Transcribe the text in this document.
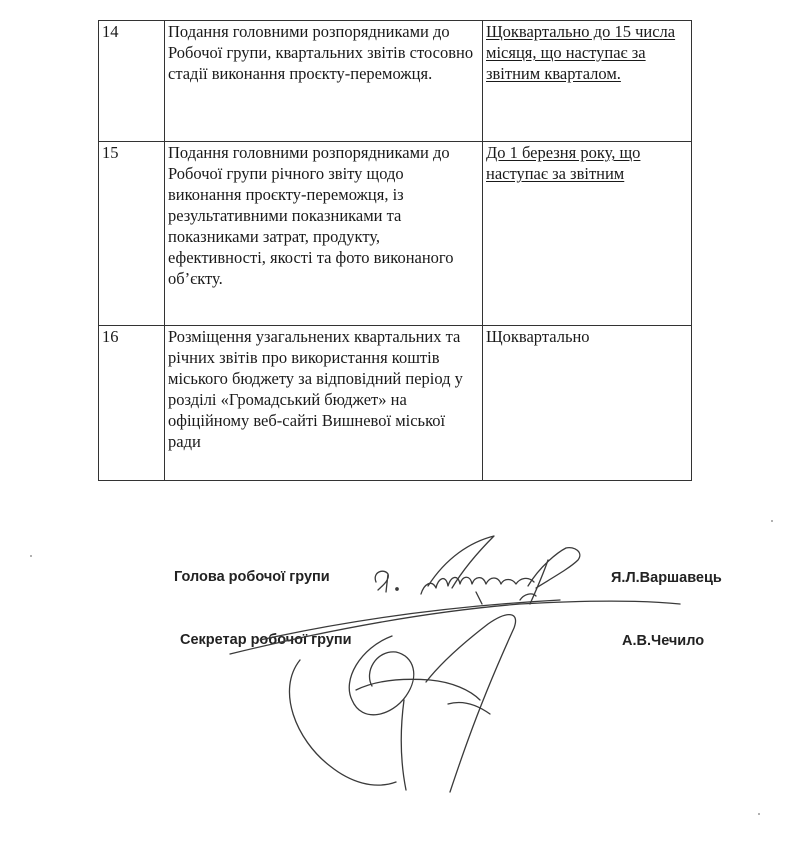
14	Подання головними розпорядниками до Робочої групи, квартальних звітів стосовно стадії виконання проєкту-переможця.	Щоквартально до 15 числа місяця, що наступає за звітним кварталом.
15	Подання головними розпорядниками до Робочої групи річного звіту щодо виконання проєкту-переможця, із результативними показниками та показниками затрат, продукту, ефективності, якості та фото виконаного об’єкту.	До 1 березня року, що наступає за звітним
16	Розміщення узагальнених квартальних та річних звітів про використання коштів міського бюджету за відповідний період у розділі «Громадський бюджет» на офіційному веб-сайті Вишневої міської ради	Щоквартально
Голова робочої групи	Я.Л.Варшавець
Секретар робочої групи	А.В.Чечило
